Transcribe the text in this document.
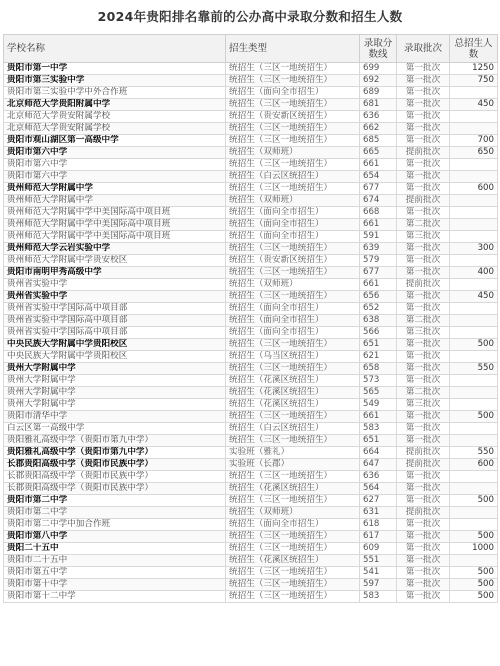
2024年贵阳排名靠前的公办高中录取分数和招生人数
学校名称	招生类型	录取分数线	录取批次	总招生人数
贵阳市第一中学	统招生（三区一地统招生）	699	第一批次	1250
贵阳市第三实验中学	统招生（三区一地统招生）	692	第一批次	750
贵阳市第三实验中学中外合作班	统招生（面向全市招生）	689	第一批次	
北京师范大学贵阳附属中学	统招生（三区一地统招生）	681	第一批次	450
北京师范大学贵安附属学校	统招生（贵安新区统招生）	636	第一批次	
北京师范大学贵安附属学校	统招生（三区一地统招生）	662	第一批次	
贵阳市观山湖区第一高级中学	统招生（三区一地统招生）	685	第一批次	700
贵阳市第六中学	统招生（双师班）	665	提前批次	650
贵阳市第六中学	统招生（三区一地统招生）	661	第一批次	
贵阳市第六中学	统招生（白云区统招生）	654	第一批次	
贵州师范大学附属中学	统招生（三区一地统招生）	677	第一批次	600
贵州师范大学附属中学	统招生（双师班）	674	提前批次	
贵州师范大学附属中学中美国际高中项目班	统招生（面向全市招生）	668	第一批次	
贵州师范大学附属中学中美国际高中项目班	统招生（面向全市招生）	661	第二批次	
贵州师范大学附属中学中美国际高中项目班	统招生（面向全市招生）	591	第三批次	
贵州师范大学云岩实验中学	统招生（三区一地统招生）	639	第一批次	300
贵州师范大学附属中学贵安校区	统招生（贵安新区统招生）	579	第一批次	
贵阳市南明甲秀高级中学	统招生（三区一地统招生）	677	第一批次	400
贵州省实验中学	统招生（双师班）	661	提前批次	
贵州省实验中学	统招生（三区一地统招生）	656	第一批次	450
贵州省实验中学国际高中项目部	统招生（面向全市招生）	652	第一批次	
贵州省实验中学国际高中项目部	统招生（面向全市招生）	638	第二批次	
贵州省实验中学国际高中项目部	统招生（面向全市招生）	566	第三批次	
中央民族大学附属中学贵阳校区	统招生（三区一地统招生）	651	第一批次	500
中央民族大学附属中学贵阳校区	统招生（乌当区统招生）	621	第一批次	
贵州大学附属中学	统招生（三区一地统招生）	658	第一批次	550
贵州大学附属中学	统招生（花溪区统招生）	573	第一批次	
贵州大学附属中学	统招生（花溪区统招生）	565	第二批次	
贵州大学附属中学	统招生（花溪区统招生）	549	第三批次	
贵阳市清华中学	统招生（三区一地统招生）	661	第一批次	500
白云区第一高级中学	统招生（白云区统招生）	583	第一批次	
贵阳雅礼高级中学（贵阳市第九中学）	统招生（三区一地统招生）	651	第一批次	
贵阳雅礼高级中学（贵阳市第九中学）	实验班（雅礼）	664	提前批次	550
长郡贵阳高级中学（贵阳市民族中学）	实验班（长郡）	647	提前批次	600
长郡贵阳高级中学（贵阳市民族中学）	统招生（三区一地统招生）	636	第一批次	
长郡贵阳高级中学（贵阳市民族中学）	统招生（花溪区统招生）	564	第一批次	
贵阳市第二中学	统招生（三区一地统招生）	627	第一批次	500
贵阳市第二中学	统招生（双师班）	631	提前批次	
贵阳市第二中学中加合作班	统招生（面向全市招生）	618	第一批次	
贵阳市第八中学	统招生（三区一地统招生）	617	第一批次	500
贵阳二十五中	统招生（三区一地统招生）	609	第一批次	1000
贵阳市二十五中	统招生（花溪区统招生）	551	第一批次	
贵阳市第五中学	统招生（三区一地统招生）	541	第一批次	500
贵阳市第十中学	统招生（三区一地统招生）	597	第一批次	500
贵阳市第十二中学	统招生（三区一地统招生）	583	第一批次	500
